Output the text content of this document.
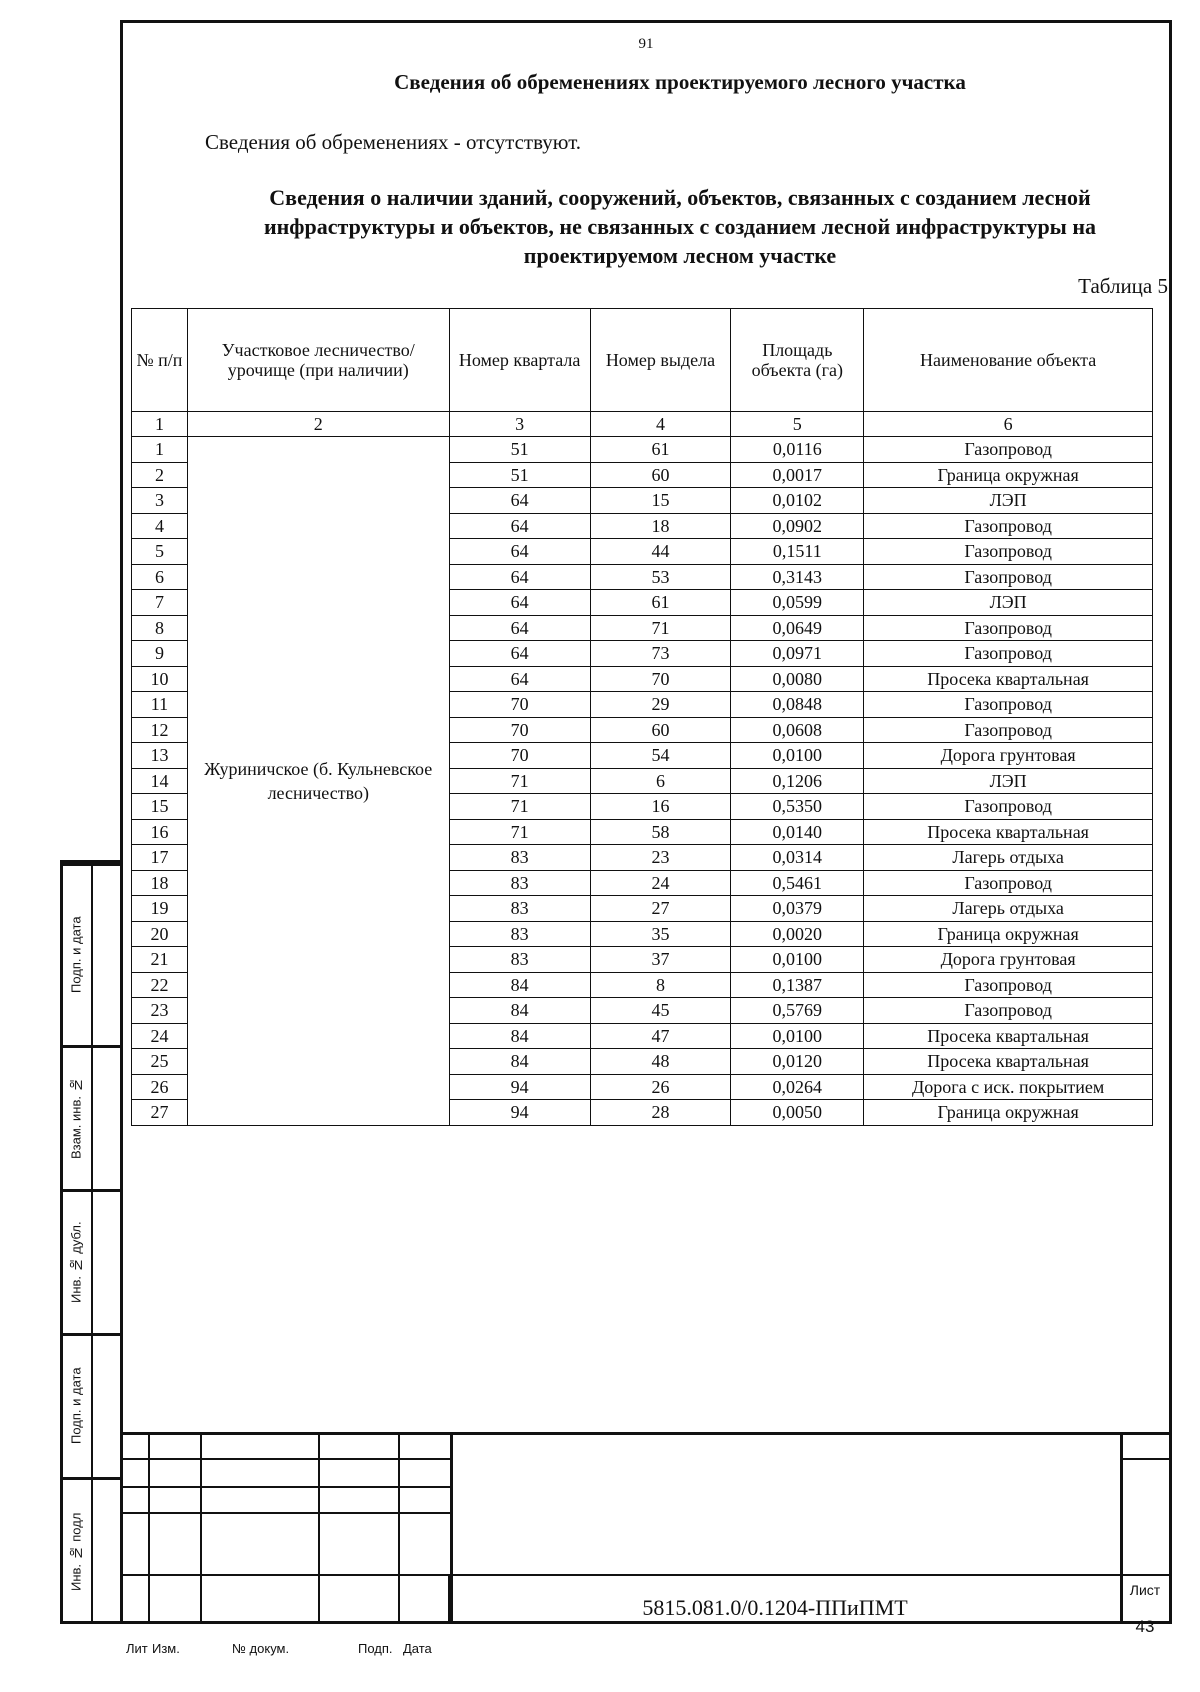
Подп. и дата
Взам. инв. №
Инв. № дубл.
Подп. и дата
Инв. № подл
91
Сведения об обременениях проектируемого лесного участка
Сведения об обременениях - отсутствуют.
Сведения о наличии зданий, сооружений, объектов, связанных с созданием лесной инфраструктуры и объектов, не связанных с созданием лесной инфраструктуры на проектируемом лесном участке
Таблица 5
№ п/п	Участковое лесничество/ урочище (при наличии)	Номер квартала	Номер выдела	Площадь объекта (га)	Наименование объекта
1	2	3	4	5	6
1	Журиничское (б. Кульневское лесничество)	51	61	0,0116	Газопровод
2		51	60	0,0017	Граница окружная
3		64	15	0,0102	ЛЭП
4		64	18	0,0902	Газопровод
5		64	44	0,1511	Газопровод
6		64	53	0,3143	Газопровод
7		64	61	0,0599	ЛЭП
8		64	71	0,0649	Газопровод
9		64	73	0,0971	Газопровод
10		64	70	0,0080	Просека квартальная
11		70	29	0,0848	Газопровод
12		70	60	0,0608	Газопровод
13		70	54	0,0100	Дорога грунтовая
14		71	6	0,1206	ЛЭП
15		71	16	0,5350	Газопровод
16		71	58	0,0140	Просека квартальная
17		83	23	0,0314	Лагерь отдыха
18		83	24	0,5461	Газопровод
19		83	27	0,0379	Лагерь отдыха
20		83	35	0,0020	Граница окружная
21		83	37	0,0100	Дорога грунтовая
22		84	8	0,1387	Газопровод
23		84	45	0,5769	Газопровод
24		84	47	0,0100	Просека квартальная
25		84	48	0,0120	Просека квартальная
26		94	26	0,0264	Дорога с иск. покрытием
27		94	28	0,0050	Граница окружная
5815.081.0/0.1204-ППиПМТ
Лист
43
Лит Изм.	№ докум.	Подп. Дата
